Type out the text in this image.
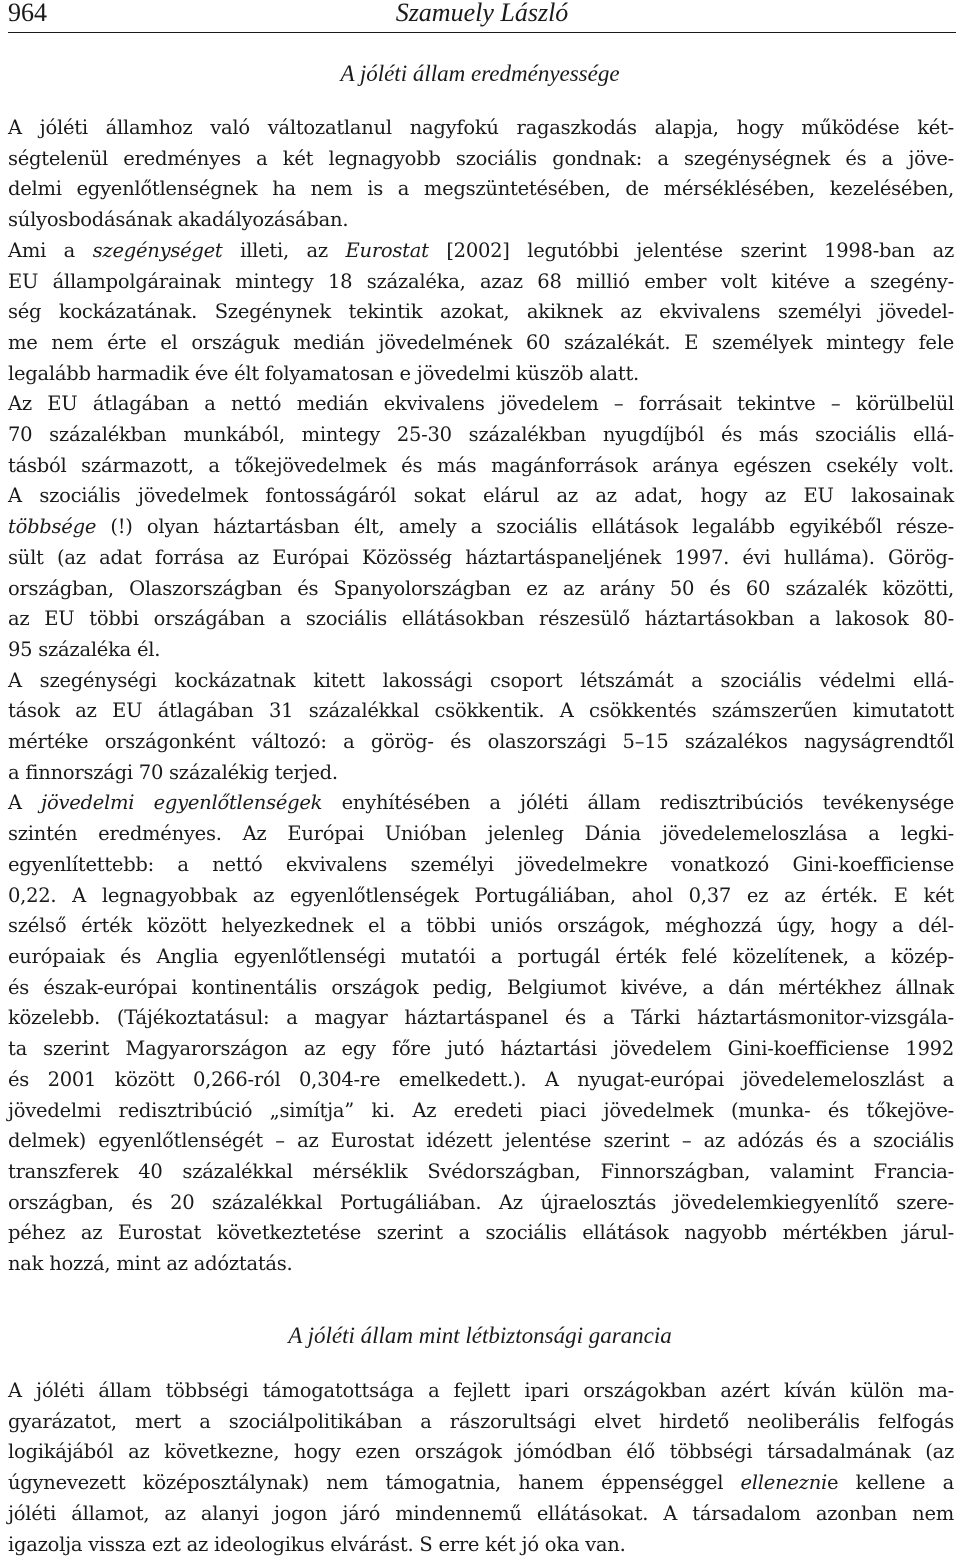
964	Szamuely László
A jóléti állam eredményessége
A jóléti államhoz való változatlanul nagyfokú ragaszkodás alapja, hogy működése két-
ségtelenül eredményes a két legnagyobb szociális gondnak: a szegénységnek és a jöve-
delmi egyenlőtlenségnek ha nem is a megszüntetésében, de mérséklésében, kezelésében,
súlyosbodásának akadályozásában.
Ami a szegénységet illeti, az Eurostat [2002] legutóbbi jelentése szerint 1998-ban az
EU állampolgárainak mintegy 18 százaléka, azaz 68 millió ember volt kitéve a szegény-
ség kockázatának. Szegénynek tekintik azokat, akiknek az ekvivalens személyi jövedel-
me nem érte el országuk medián jövedelmének 60 százalékát. E személyek mintegy fele
legalább harmadik éve élt folyamatosan e jövedelmi küszöb alatt.
Az EU átlagában a nettó medián ekvivalens jövedelem – forrásait tekintve – körülbelül
70 százalékban munkából, mintegy 25-30 százalékban nyugdíjból és más szociális ellá-
tásból származott, a tőkejövedelmek és más magánforrások aránya egészen csekély volt.
A szociális jövedelmek fontosságáról sokat elárul az az adat, hogy az EU lakosainak
többsége (!) olyan háztartásban élt, amely a szociális ellátások legalább egyikéből része-
sült (az adat forrása az Európai Közösség háztartáspaneljének 1997. évi hulláma). Görög-
országban, Olaszországban és Spanyolországban ez az arány 50 és 60 százalék közötti,
az EU többi országában a szociális ellátásokban részesülő háztartásokban a lakosok 80-
95 százaléka él.
A szegénységi kockázatnak kitett lakossági csoport létszámát a szociális védelmi ellá-
tások az EU átlagában 31 százalékkal csökkentik. A csökkentés számszerűen kimutatott
mértéke országonként változó: a görög- és olaszországi 5–15 százalékos nagyságrendtől
a finnországi 70 százalékig terjed.
A jövedelmi egyenlőtlenségek enyhítésében a jóléti állam redisztribúciós tevékenysége
szintén eredményes. Az Európai Unióban jelenleg Dánia jövedelemeloszlása a legki-
egyenlítettebb: a nettó ekvivalens személyi jövedelmekre vonatkozó Gini-koefficiense
0,22. A legnagyobbak az egyenlőtlenségek Portugáliában, ahol 0,37 ez az érték. E két
szélső érték között helyezkednek el a többi uniós országok, méghozzá úgy, hogy a dél-
európaiak és Anglia egyenlőtlenségi mutatói a portugál érték felé közelítenek, a közép-
és észak-európai kontinentális országok pedig, Belgiumot kivéve, a dán mértékhez állnak
közelebb. (Tájékoztatásul: a magyar háztartáspanel és a Tárki háztartásmonitor-vizsgála-
ta szerint Magyarországon az egy főre jutó háztartási jövedelem Gini-koefficiense 1992
és 2001 között 0,266-ról 0,304-re emelkedett.). A nyugat-európai jövedelemeloszlást a
jövedelmi redisztribúció „simítja” ki. Az eredeti piaci jövedelmek (munka- és tőkejöve-
delmek) egyenlőtlenségét – az Eurostat idézett jelentése szerint – az adózás és a szociális
transzferek 40 százalékkal mérséklik Svédországban, Finnországban, valamint Francia-
országban, és 20 százalékkal Portugáliában. Az újraelosztás jövedelemkiegyenlítő szere-
péhez az Eurostat következtetése szerint a szociális ellátások nagyobb mértékben járul-
nak hozzá, mint az adóztatás.
A jóléti állam mint létbiztonsági garancia
A jóléti állam többségi támogatottsága a fejlett ipari országokban azért kíván külön ma-
gyarázatot, mert a szociálpolitikában a rászorultsági elvet hirdető neoliberális felfogás
logikájából az következne, hogy ezen országok jómódban élő többségi társadalmának (az
úgynevezett középosztálynak) nem támogatnia, hanem éppenséggel elleneznie kellene a
jóléti államot, az alanyi jogon járó mindennemű ellátásokat. A társadalom azonban nem
igazolja vissza ezt az ideologikus elvárást. S erre két jó oka van.
